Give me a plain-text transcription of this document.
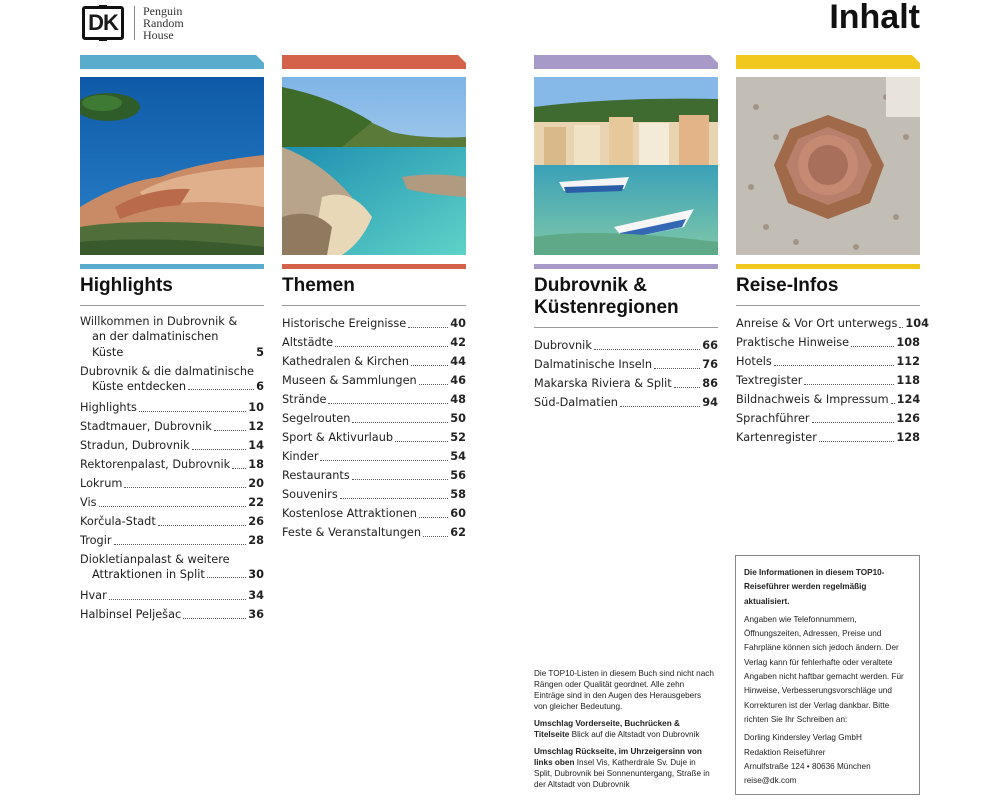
DK Penguin
Random
House	Inhalt
Highlights
Willkommen in Dubrovnik &
an der dalmatinischen Küste	5
Dubrovnik & die dalmatinische
Küste entdecken	6
Highlights	10
Stadtmauer, Dubrovnik	12
Stradun, Dubrovnik	14
Rektorenpalast, Dubrovnik 18
Lokrum	20
Vis	22
Korčula-Stadt	26
Trogir	28
Diokletianpalast & weitere
Attraktionen in Split	30
Hvar	34
Halbinsel Pelješac	36
Themen
Historische Ereignisse	40
Altstädte	42
Kathedralen & Kirchen	44
Museen & Sammlungen	46
Strände	48
Segelrouten	50
Sport & Aktivurlaub	52
Kinder	54
Restaurants	56
Souvenirs	58
Kostenlose Attraktionen	60
Feste & Veranstaltungen	62
Dubrovnik &
Küstenregionen
Dubrovnik	66
Dalmatinische Inseln	76
Makarska Riviera & Split	86
Süd-Dalmatien	94
Reise-Infos
Anreise & Vor Ort unterwegs 104
Praktische Hinweise	108
Hotels	112
Textregister	118
Bildnachweis & Impressum 124
Sprachführer	126
Kartenregister	128

Die TOP10-Listen in diesem Buch sind nicht nach Rängen oder Qualität geordnet. Alle zehn Einträge sind in den Augen des Herausgebers von gleicher Bedeutung.

Umschlag Vorderseite, Buchrücken & Titelseite Blick auf die Altstadt von Dubrovnik

Umschlag Rückseite, im Uhrzeigersinn von links oben Insel Vis, Katherdrale Sv. Duje in Split, Dubrovnik bei Sonnenuntergang, Straße in der Altstadt von Dubrovnik

Die Informationen in diesem TOP10-Reiseführer werden regelmäßig aktualisiert.

Angaben wie Telefonnummern, Öffnungszeiten, Adressen, Preise und Fahrpläne können sich jedoch ändern. Der Verlag kann für fehlerhafte oder veraltete Angaben nicht haftbar gemacht werden. Für Hinweise, Verbesserungsvorschläge und Korrekturen ist der Verlag dankbar. Bitte richten Sie Ihr Schreiben an:

Dorling Kindersley Verlag GmbH
Redaktion Reiseführer
Arnulfstraße 124 • 80636 München
reise@dk.com
